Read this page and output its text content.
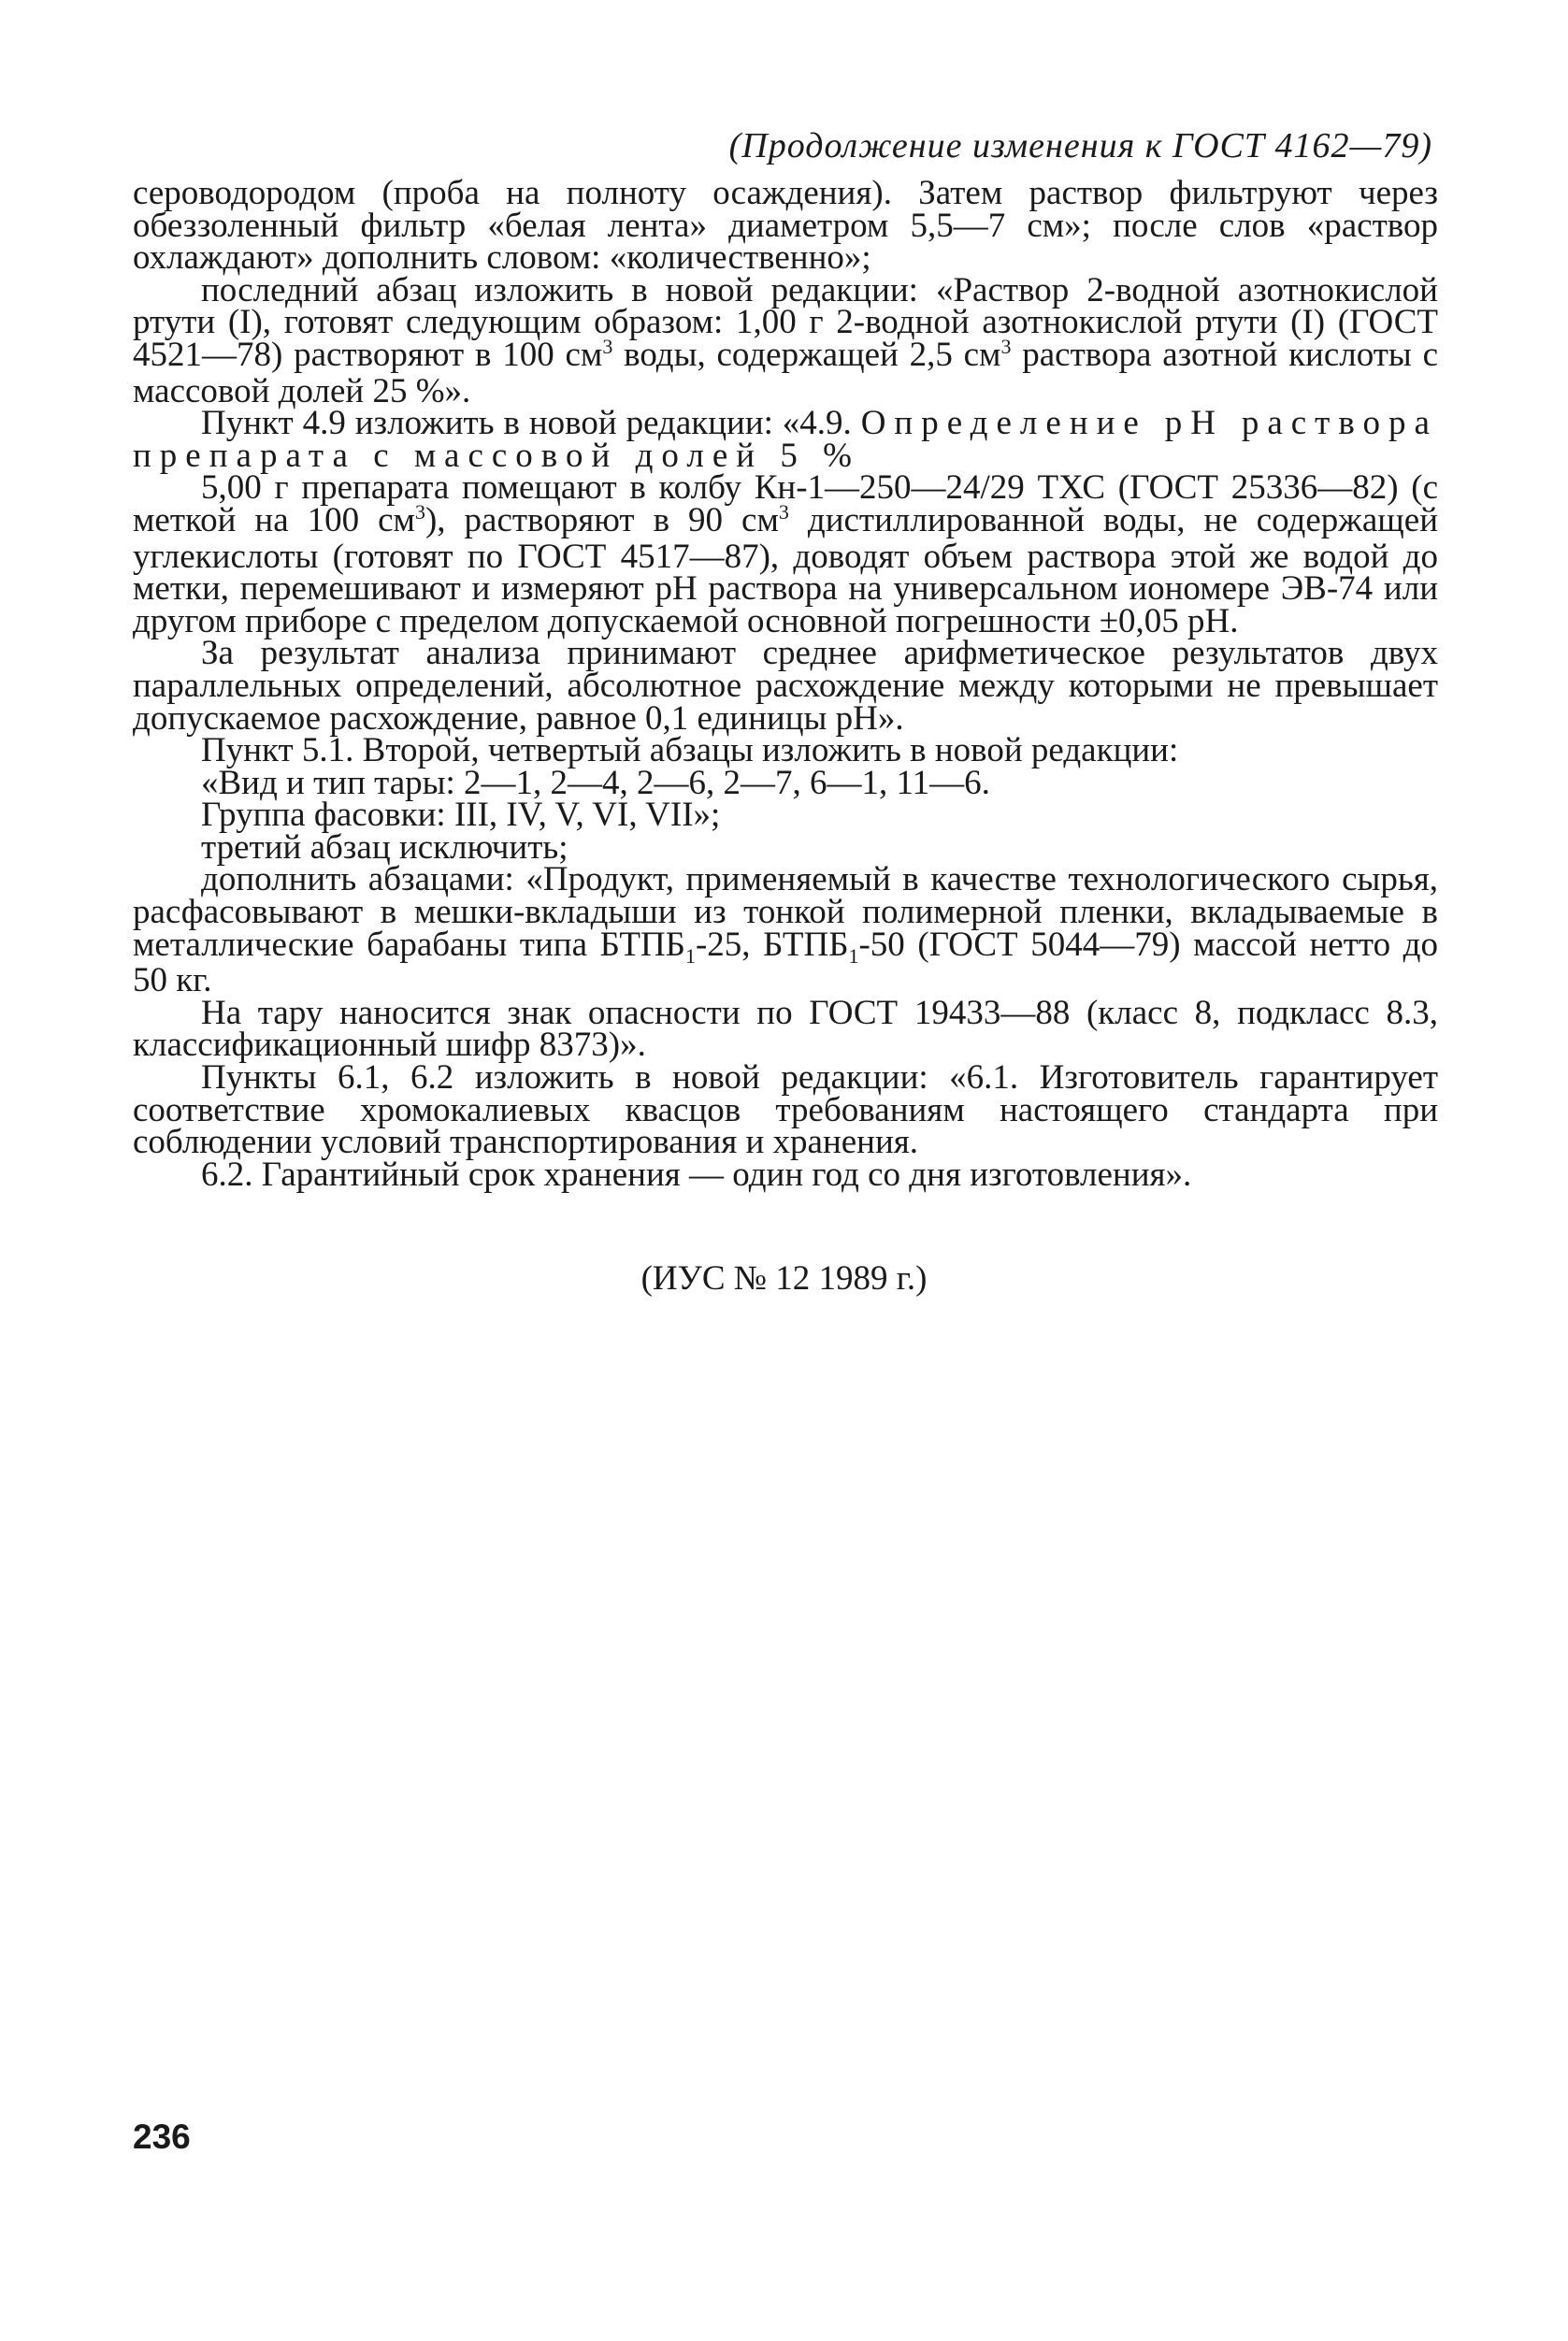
(Продолжение изменения к ГОСТ 4162—79)

сероводородом (проба на полноту осаждения). Затем раствор фильтруют через обеззоленный фильтр «белая лента» диаметром 5,5—7 см»; после слов «раствор охлаждают» дополнить словом: «количественно»;

последний абзац изложить в новой редакции: «Раствор 2-водной азотнокислой ртути (I), готовят следующим образом: 1,00 г 2-водной азотнокислой ртути (I) (ГОСТ 4521—78) растворяют в 100 $см^3$ воды, содержащей 2,5 $см^3$ раствора азотной кислоты с массовой долей 25 %».

Пункт 4.9 изложить в новой редакции: «4.9. Определение рН раствора препарата с массовой долей 5 %

5,00 г препарата помещают в колбу Кн-1—250—24/29 ТХС (ГОСТ 25336—82) (с меткой на 100 $см^3$), растворяют в 90 $см^3$ дистиллированной воды, не содержащей углекислоты (готовят по ГОСТ 4517—87), доводят объем раствора этой же водой до метки, перемешивают и измеряют рН раствора на универсальном иономере ЭВ-74 или другом приборе с пределом допускаемой основной погрешности ±0,05 pH.

За результат анализа принимают среднее арифметическое результатов двух параллельных определений, абсолютное расхождение между которыми не превышает допускаемое расхождение, равное 0,1 единицы рН».

Пункт 5.1. Второй, четвертый абзацы изложить в новой редакции:

«Вид и тип тары: 2—1, 2—4, 2—6, 2—7, 6—1, 11—6.

Группа фасовки: III, IV, V, VI, VII»;

третий абзац исключить;

дополнить абзацами: «Продукт, применяемый в качестве технологического сырья, расфасовывают в мешки-вкладыши из тонкой полимерной пленки, вкладываемые в металлические барабаны типа $БТПБ_1-25$, $БТПБ_1-50$ (ГОСТ 5044—79) массой нетто до 50 кг.

На тару наносится знак опасности по ГОСТ 19433—88 (класс 8, подкласс 8.3, классификационный шифр 8373)».

Пункты 6.1, 6.2 изложить в новой редакции: «6.1. Изготовитель гарантирует соответствие хромокалиевых квасцов требованиям настоящего стандарта при соблюдении условий транспортирования и хранения.

6.2. Гарантийный срок хранения — один год со дня изготовления».

(ИУС № 12 1989 г.)
236
